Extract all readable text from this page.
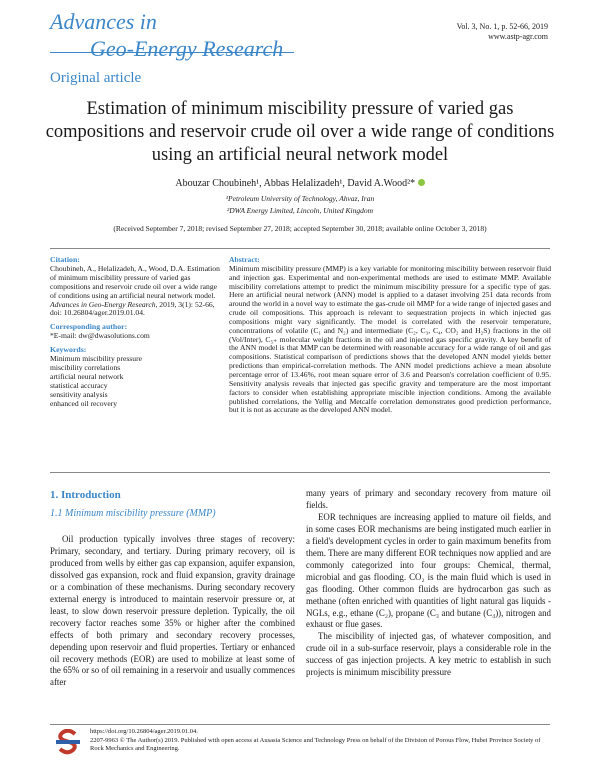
Advances in
Geo-Energy Research
Vol. 3, No. 1, p. 52-66, 2019
www.astp-agr.com
Original article
Estimation of minimum miscibility pressure of varied gas compositions and reservoir crude oil over a wide range of conditions using an artificial neural network model
Abouzar Choubineh¹, Abbas Helalizadeh¹, David A.Wood²*
¹Petroleum University of Technology, Ahvaz, Iran
²DWA Energy Limited, Lincoln, United Kingdom
(Received September 7, 2018; revised September 27, 2018; accepted September 30, 2018; available online October 3, 2018)

Citation:

Choubineh, A., Helalizadeh, A., Wood, D.A. Estimation of minimum miscibility pressure of varied gas compositions and reservoir crude oil over a wide range of conditions using an artificial neural network model. Advances in Geo-Energy Research, 2019, 3(1): 52-66, doi: 10.26804/ager.2019.01.04.

Corresponding author:

*E-mail: dw@dwasolutions.com

Keywords:

Minimum miscibility pressure

miscibility correlations

artificial neural network

statistical accuracy

sensitivity analysis

enhanced oil recovery

Abstract:
Minimum miscibility pressure (MMP) is a key variable for monitoring miscibility between reservoir fluid and injection gas. Experimental and non-experimental methods are used to estimate MMP. Available miscibility correlations attempt to predict the minimum miscibility pressure for a specific type of gas. Here an artificial neural network (ANN) model is applied to a dataset involving 251 data records from around the world in a novel way to estimate the gas-crude oil MMP for a wide range of injected gases and crude oil compositions. This approach is relevant to sequestration projects in which injected gas compositions might vary significantly. The model is correlated with the reservoir temperature, concentrations of volatile (C₁ and N₂) and intermediate (C₂, C₃, C₄, CO₂ and H₂S) fractions in the oil (Vol/Inter), C₅₊ molecular weight fractions in the oil and injected gas specific gravity. A key benefit of the ANN model is that MMP can be determined with reasonable accuracy for a wide range of oil and gas compositions. Statistical comparison of predictions shows that the developed ANN model yields better predictions than empirical-correlation methods. The ANN model predictions achieve a mean absolute percentage error of 13.46%, root mean square error of 3.6 and Pearson's correlation coefficient of 0.95. Sensitivity analysis reveals that injected gas specific gravity and temperature are the most important factors to consider when establishing appropriate miscible injection conditions. Among the available published correlations, the Yellig and Metcalfe correlation demonstrates good prediction performance, but it is not as accurate as the developed ANN model.
1. Introduction
1.1 Minimum miscibility pressure (MMP)

Oil production typically involves three stages of recovery: Primary, secondary, and tertiary. During primary recovery, oil is produced from wells by either gas cap expansion, aquifer expansion, dissolved gas expansion, rock and fluid expansion, gravity drainage or a combination of these mechanisms. During secondary recovery external energy is introduced to maintain reservoir pressure or, at least, to slow down reservoir pressure depletion. Typically, the oil recovery factor reaches some 35% or higher after the combined effects of both primary and secondary recovery processes, depending upon reservoir and fluid properties. Tertiary or enhanced oil recovery methods (EOR) are used to mobilize at least some of the 65% or so of oil remaining in a reservoir and usually commences after

many years of primary and secondary recovery from mature oil fields.

EOR techniques are increasing applied to mature oil fields, and in some cases EOR mechanisms are being instigated much earlier in a field's development cycles in order to gain maximum benefits from them. There are many different EOR techniques now applied and are commonly categorized into four groups: Chemical, thermal, microbial and gas flooding. CO₂ is the main fluid which is used in gas flooding. Other common fluids are hydrocarbon gas such as methane (often enriched with quantities of light natural gas liquids -NGLs, e.g., ethane (C₂), propane (C₃ and butane (C₄)), nitrogen and exhaust or flue gases.

The miscibility of injected gas, of whatever composition, and crude oil in a sub-surface reservoir, plays a considerable role in the success of gas injection projects. A key metric to establish in such projects is minimum miscibility pressure

https://doi.org/10.26804/ager.2019.01.04.
2207-9963 © The Author(s) 2019. Published with open access at Ausasia Science and Technology Press on behalf of the Division of Porous Flow, Hubei Province Society of Rock Mechanics and Engineering.
